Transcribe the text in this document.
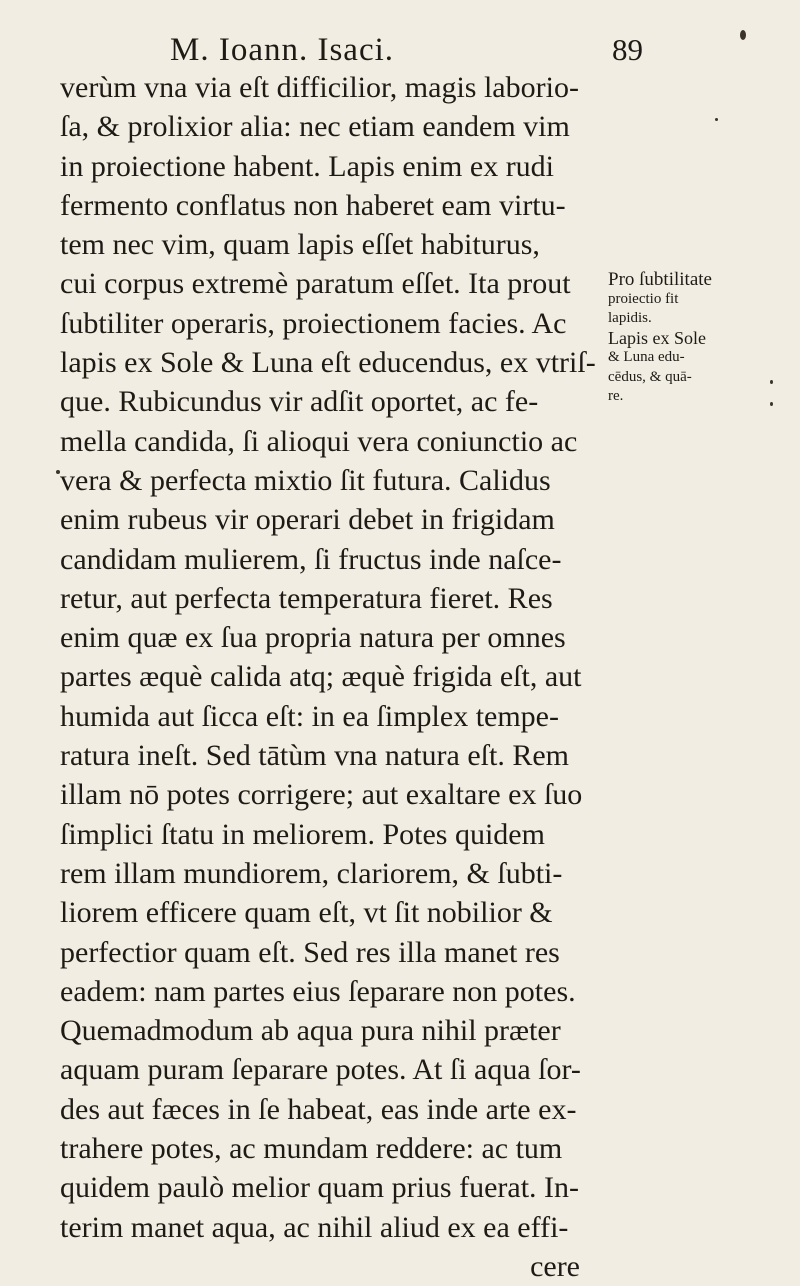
M. Ioann. Isaci.	89
verùm vna via eſt difficilior, magis laborio-
ſa, & prolixior alia: nec etiam eandem vim
in proiectione habent. Lapis enim ex rudi
fermento conflatus non haberet eam virtu-
tem nec vim, quam lapis eſſet habiturus,
cui corpus extremè paratum eſſet. Ita prout
ſubtiliter operaris, proiectionem facies. Ac
lapis ex Sole & Luna eſt educendus, ex vtriſ-
que. Rubicundus vir adſit oportet, ac fe-
mella candida, ſi alioqui vera coniunctio ac
vera & perfecta mixtio ſit futura. Calidus
enim rubeus vir operari debet in frigidam
candidam mulierem, ſi fructus inde naſce-
retur, aut perfecta temperatura fieret. Res
enim quæ ex ſua propria natura per omnes
partes æquè calida atq; æquè frigida eſt, aut
humida aut ſicca eſt: in ea ſimplex tempe-
ratura ineſt. Sed tātùm vna natura eſt. Rem
illam nō potes corrigere; aut exaltare ex ſuo
ſimplici ſtatu in meliorem. Potes quidem
rem illam mundiorem, clariorem, & ſubti-
liorem efficere quam eſt, vt ſit nobilior &
perfectior quam eſt. Sed res illa manet res
eadem: nam partes eius ſeparare non potes.
Quemadmodum ab aqua pura nihil præter
aquam puram ſeparare potes. At ſi aqua ſor-
des aut fæces in ſe habeat, eas inde arte ex-
trahere potes, ac mundam reddere: ac tum
quidem paulò melior quam prius fuerat. In-
terim manet aqua, ac nihil aliud ex ea effi-
cere
Pro ſubtilitate
proiectio fit
lapidis.
Lapis ex Sole
& Luna edu-
cēdus, & quā-
re.
